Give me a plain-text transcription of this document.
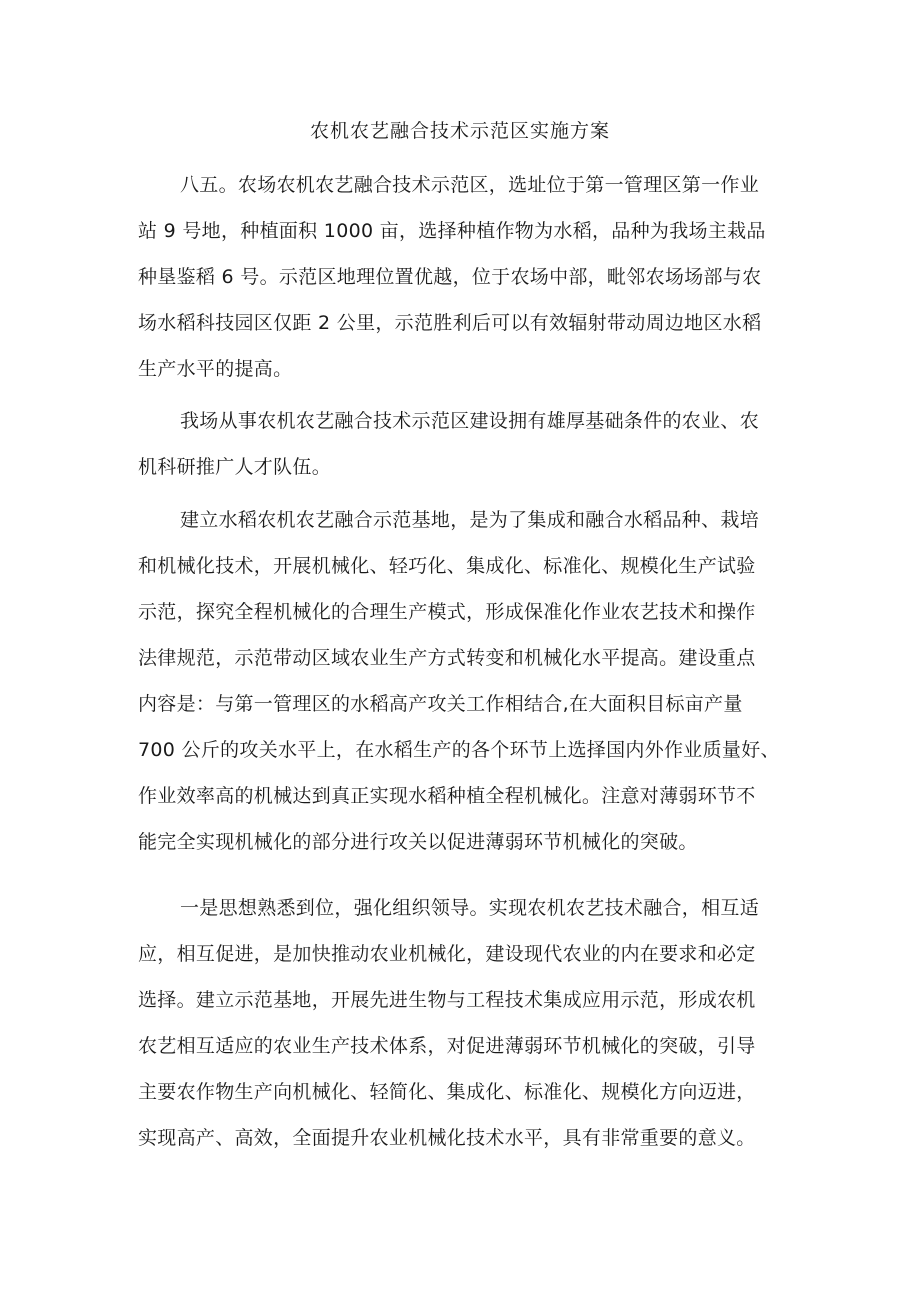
农机农艺融合技术示范区实施方案
八五。农场农机农艺融合技术示范区，选址位于第一管理区第一作业
站 9 号地，种植面积 1000 亩，选择种植作物为水稻，品种为我场主栽品
种垦鉴稻 6 号。示范区地理位置优越，位于农场中部，毗邻农场场部与农
场水稻科技园区仅距 2 公里，示范胜利后可以有效辐射带动周边地区水稻
生产水平的提高。
我场从事农机农艺融合技术示范区建设拥有雄厚基础条件的农业、农
机科研推广人才队伍。
建立水稻农机农艺融合示范基地，是为了集成和融合水稻品种、栽培
和机械化技术，开展机械化、轻巧化、集成化、标准化、规模化生产试验
示范，探究全程机械化的合理生产模式，形成保准化作业农艺技术和操作
法律规范，示范带动区域农业生产方式转变和机械化水平提高。建设重点
内容是：与第一管理区的水稻高产攻关工作相结合,在大面积目标亩产量
700 公斤的攻关水平上，在水稻生产的各个环节上选择国内外作业质量好、
作业效率高的机械达到真正实现水稻种植全程机械化。注意对薄弱环节不
能完全实现机械化的部分进行攻关以促进薄弱环节机械化的突破。
一是思想熟悉到位，强化组织领导。实现农机农艺技术融合，相互适
应，相互促进，是加快推动农业机械化，建设现代农业的内在要求和必定
选择。建立示范基地，开展先进生物与工程技术集成应用示范，形成农机
农艺相互适应的农业生产技术体系，对促进薄弱环节机械化的突破，引导
主要农作物生产向机械化、轻简化、集成化、标准化、规模化方向迈进，
实现高产、高效，全面提升农业机械化技术水平，具有非常重要的意义。
